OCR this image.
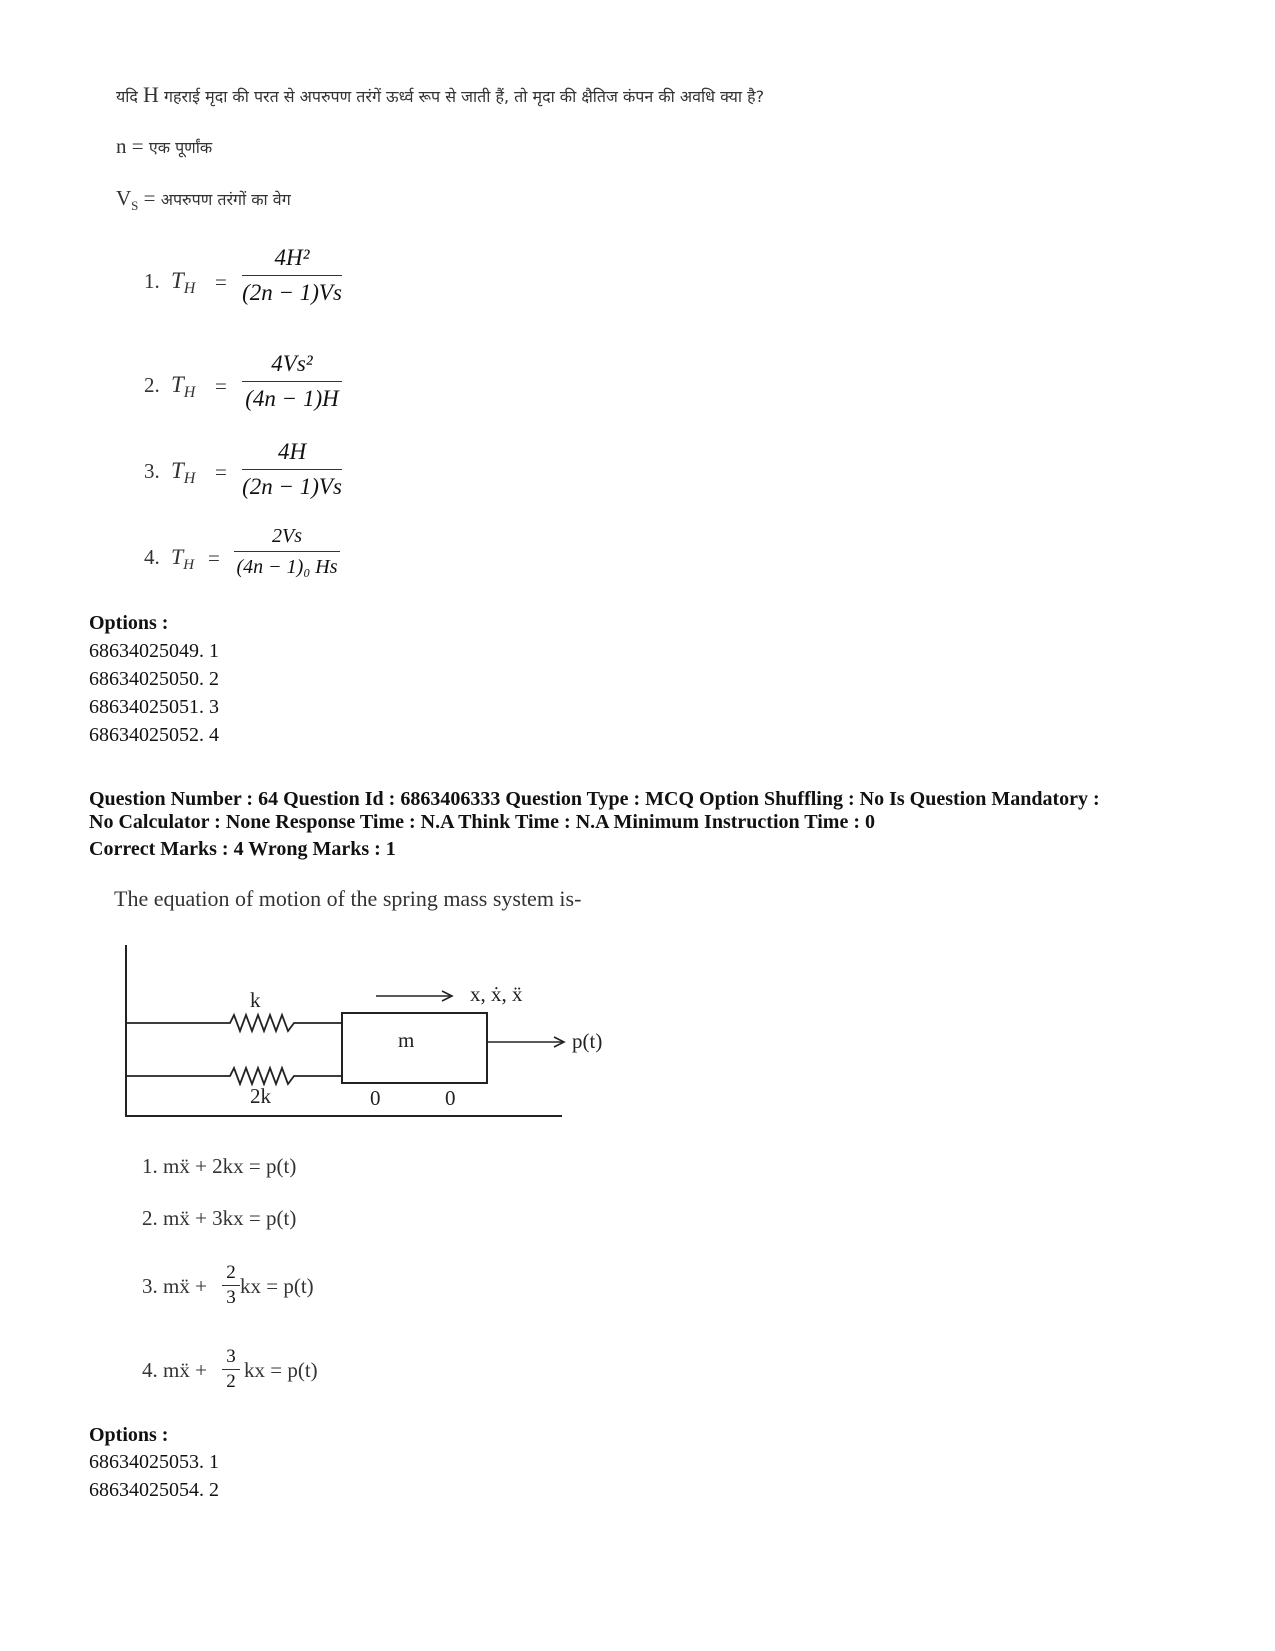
यदि H गहराई मृदा की परत से अपरुपण तरंगें ऊर्ध्व रूप से जाती हैं, तो मृदा की क्षैतिज कंपन की अवधि क्या है?
n = एक पूर्णांक
$V_S$ = अपरुपण तरंगों का वेग
1. $T_H$ =
4H²
(2n − 1)Vs
2. $T_H$ =
4Vs²
(4n − 1)H
3. $T_H$ =
4H
(2n − 1)Vs
4. $T_H$ =
2Vs
(4n − 1)₀ Hs
Options :
68634025049. 1
68634025050. 2
68634025051. 3
68634025052. 4
Question Number : 64 Question Id : 6863406333 Question Type : MCQ Option Shuffling : No Is Question Mandatory :
No Calculator : None Response Time : N.A Think Time : N.A Minimum Instruction Time : 0
Correct Marks : 4 Wrong Marks : 1
The equation of motion of the spring mass system is-
k
2k
m
x, ẋ, ẍ
p(t)
0	0
1. mẍ + 2kx = p(t)
2. mẍ + 3kx = p(t)
3. mẍ +
2
3 kx = p(t)
4. mẍ +
3
2 kx = p(t)
Options :
68634025053. 1
68634025054. 2
